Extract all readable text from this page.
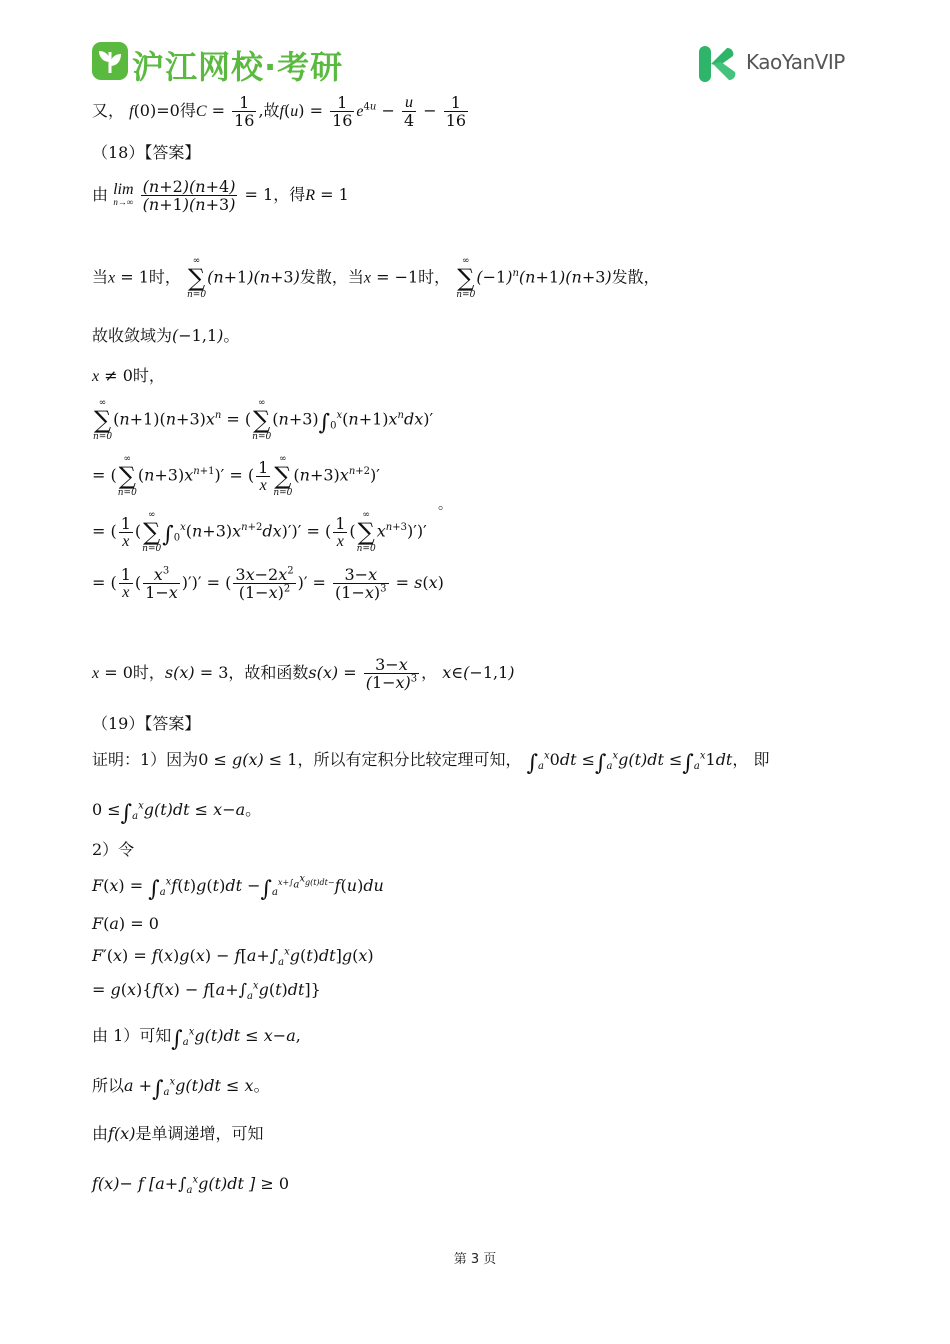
沪江网校·考研	KaoYanVIP
又， f(0)=0得$C = \frac{1}{16}$ ,故$f(u) = \frac{1}{16} e^{4u} - \frac{u}{4} - \frac{1}{16}$
（18）【答案】
由 lim
n→∞
$\frac{(n+2)(n+4)}{(n+1)(n+3)} = 1$，得R = 1
当x = 1时，
∞
∑
n=0
(n+1)(n+3)发散，当x = −1时，
∞
∑
n=0
$(-1)^n(n+1)(n+3)$发散，
故收敛域为(−1,1)。
x ≠ 0时，
∞
∑
n=0
$(n+1)(n+3)x^n$ = (
∞
∑
n=0
$(n+3)\int_0^x(n+1)x^ndx)'$
= (
∞
∑
n=0
$(n+3)x^{n+1})'$ = ( $\frac{1}{x}$ ∞
∑
n=0
$(n+3)x^{n+2})'$
。
= ( $\frac{1}{x}$ (
∞
∑
n=0
$\int_0^x(n+3)x^{n+2}dx)')'$ = ( $\frac{1}{x}$ (
∞
∑
n=0
$x^{n+3})')'$
= ( $\frac{1}{x}$ ( $\frac{x^3}{1-x}$ )′)′ = ( $\frac{3x-2x^2}{(1-x)^2}$ )′ = $\frac{3-x}{(1-x)^3} = s(x)$
x = 0时，s(x) = 3，故和函数$s(x) = \frac{3-x}{(1-x)^3}$ ， x∈(−1,1)
（19）【答案】
证明：1）因为0 ≤ g(x) ≤ 1，所以有定积分比较定理可知， $\int_a^x0dt \le\int_a^xg(t)dt \le\int_a^x1dt$， 即
$0 \le\int_a^xg(t)dt \le x-a$。
2）令
$F(x) = \int_a^xf(t)g(t)dt -\int_a^{x+\int_a^xg(t)dt-}f(u)du$
F(a) = 0
$F'(x) = f(x)g(x) - f[a+\int_a^xg(t)dt]g(x)$
= $g(x)\{f(x) - f[a+\int_a^xg(t)dt]\}$
由 1）可知$\int_a^xg(t)dt \le x-a$,
所以$a +\int_a^xg(t)dt \le x$。
由f(x)是单调递增，可知
f(x)− f [$a+\int_a^xg(t)dt$ ] ≥ 0
第 3 页
